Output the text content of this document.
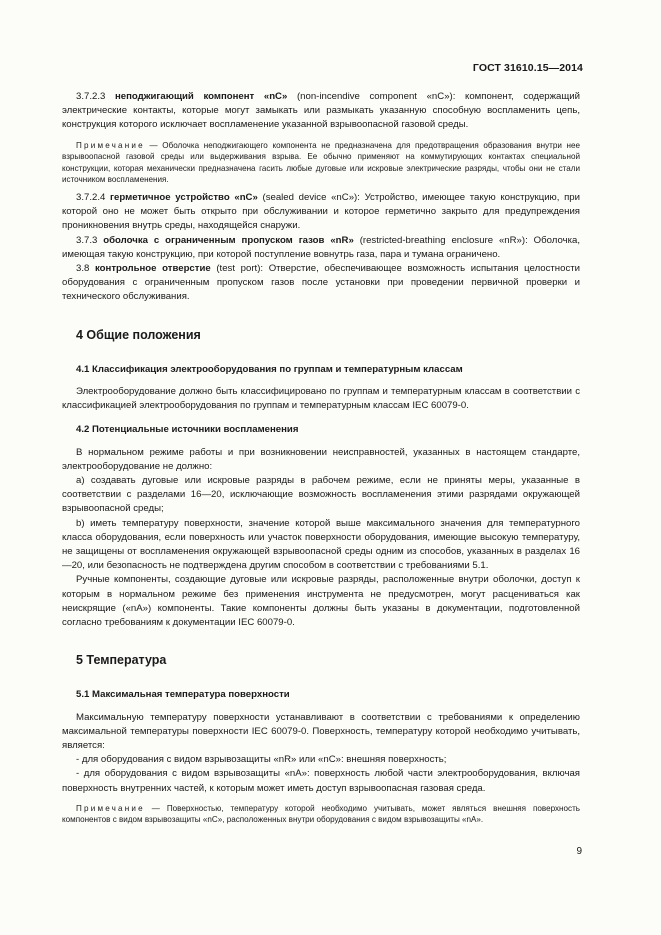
ГОСТ 31610.15—2014

3.7.2.3 неподжигающий компонент «nC» (non-incendive component «nC»): компонент, содержащий электрические контакты, которые могут замыкать или размыкать указанную способную воспламенить цепь, конструкция которого исключает воспламенение указанной взрывоопасной газовой среды.

Примечание — Оболочка неподжигающего компонента не предназначена для предотвращения образования внутри нее взрывоопасной газовой среды или выдерживания взрыва. Ее обычно применяют на коммутирующих контактах специальной конструкции, которая механически предназначена гасить любые дуговые или искровые электрические разряды, чтобы они не стали источником воспламенения.

3.7.2.4 герметичное устройство «nC» (sealed device «nC»): Устройство, имеющее такую конструкцию, при которой оно не может быть открыто при обслуживании и которое герметично закрыто для предупреждения проникновения внутрь среды, находящейся снаружи.

3.7.3 оболочка с ограниченным пропуском газов «nR» (restricted-breathing enclosure «nR»): Оболочка, имеющая такую конструкцию, при которой поступление вовнутрь газа, пара и тумана ограничено.

3.8 контрольное отверстие (test port): Отверстие, обеспечивающее возможность испытания целостности оборудования с ограниченным пропуском газов после установки при проведении первичной проверки и технического обслуживания.

4 Общие положения

4.1 Классификация электрооборудования по группам и температурным классам

Электрооборудование должно быть классифицировано по группам и температурным классам в соответствии с классификацией электрооборудования по группам и температурным классам IEC 60079-0.

4.2 Потенциальные источники воспламенения

В нормальном режиме работы и при возникновении неисправностей, указанных в настоящем стандарте, электрооборудование не должно:

a) создавать дуговые или искровые разряды в рабочем режиме, если не приняты меры, указанные в соответствии с разделами 16—20, исключающие возможность воспламенения этими разрядами окружающей взрывоопасной среды;

b) иметь температуру поверхности, значение которой выше максимального значения для температурного класса оборудования, если поверхность или участок поверхности оборудования, имеющие высокую температуру, не защищены от воспламенения окружающей взрывоопасной среды одним из способов, указанных в разделах 16—20, или безопасность не подтверждена другим способом в соответствии с требованиями 5.1.

Ручные компоненты, создающие дуговые или искровые разряды, расположенные внутри оболочки, доступ к которым в нормальном режиме без применения инструмента не предусмотрен, могут расцениваться как неискрящие («nA») компоненты. Такие компоненты должны быть указаны в документации, подготовленной согласно требованиям к документации IEC 60079-0.

5 Температура

5.1 Максимальная температура поверхности

Максимальную температуру поверхности устанавливают в соответствии с требованиями к определению максимальной температуры поверхности IEC 60079-0. Поверхность, температуру которой необходимо учитывать, является:

- для оборудования с видом взрывозащиты «nR» или «nC»: внешняя поверхность;

- для оборудования с видом взрывозащиты «nA»: поверхность любой части электрооборудования, включая поверхность внутренних частей, к которым может иметь доступ взрывоопасная газовая среда.

Примечание — Поверхностью, температуру которой необходимо учитывать, может являться внешняя поверхность компонентов с видом взрывозащиты «nC», расположенных внутри оборудования с видом взрывозащиты «nA».

9
